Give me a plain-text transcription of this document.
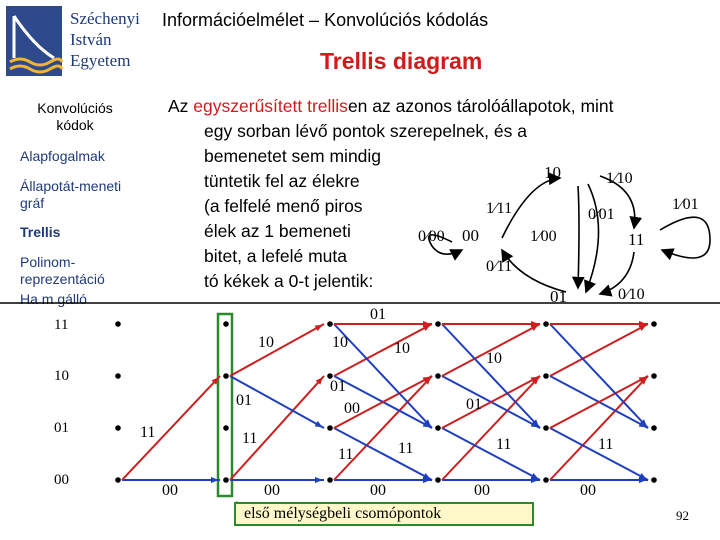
Széchenyi
István
Egyetem
Információelmélet – Konvolúciós kódolás
Trellis diagram
Konvolúciós
kódok
Alapfogalmak
Állapotát-meneti
gráf
Trellis
Polinom-
reprezentáció
Ha m gálló
Az egyszerűsített trellisen az azonos tárolóállapotok, mint
egy sorban lévő pontok szerepelnek, és a
bemenetet sem mindig
tüntetik fel az élekre
(a felfelé menő piros
élek az 1 bemeneti
bitet, a lefelé muta
tó kékek a 0-t jelentik:
10
00	11
01
1⁄10
1⁄11	0⁄01
1⁄01
0⁄00	1⁄00
0⁄11
0⁄10
11
10
01
00
01
10	10	10
10
01
01	00	01
11	11
11	11	11	11
00	00	00	00	00
első mélységbeli csomópontok	92
